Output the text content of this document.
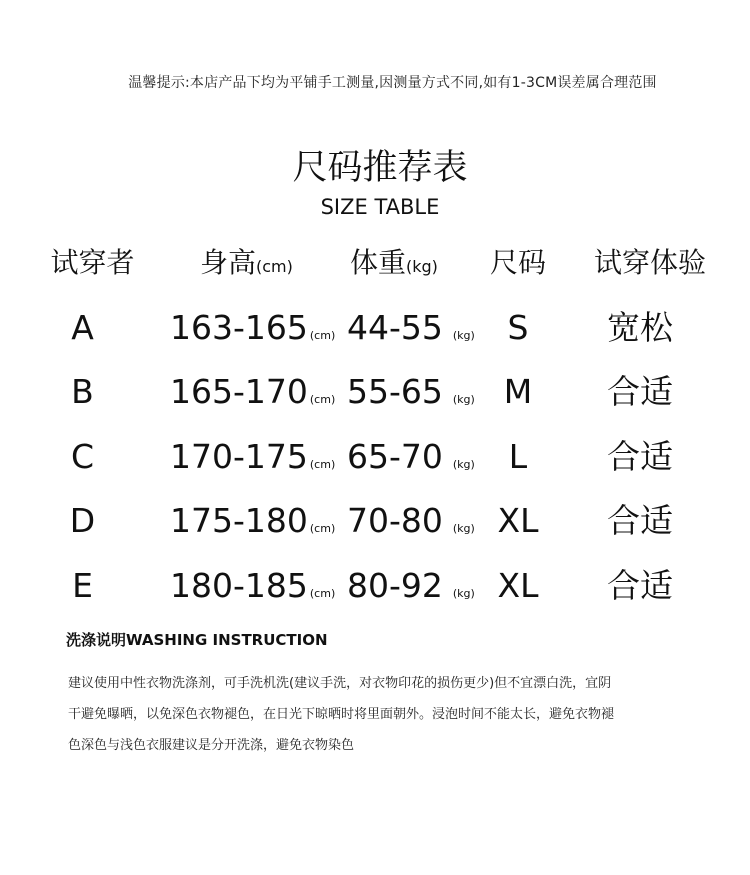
温馨提示:本店产品下均为平铺手工测量,因测量方式不同,如有1-3CM误差属合理范围
尺码推荐表
SIZE TABLE
试穿者 身高(cm)	体重(kg)	尺码	试穿体验
A	163-165 (cm) 44-55 (kg) S	宽松
B	165-170 (cm) 55-65 (kg) M	合适
C	170-175 (cm) 65-70 (kg)	L	合适
D	175-180 (cm) 70-80 (kg) XL	合适
E	180-185 (cm) 80-92 (kg) XL	合适
洗涤说明WASHING INSTRUCTION
建议使用中性衣物洗涤剂，可手洗机洗(建议手洗，对衣物印花的损伤更少)但不宜漂白洗，宜阴
干避免曝晒，以免深色衣物褪色，在日光下晾晒时将里面朝外。浸泡时间不能太长，避免衣物褪
色深色与浅色衣服建议是分开洗涤，避免衣物染色
